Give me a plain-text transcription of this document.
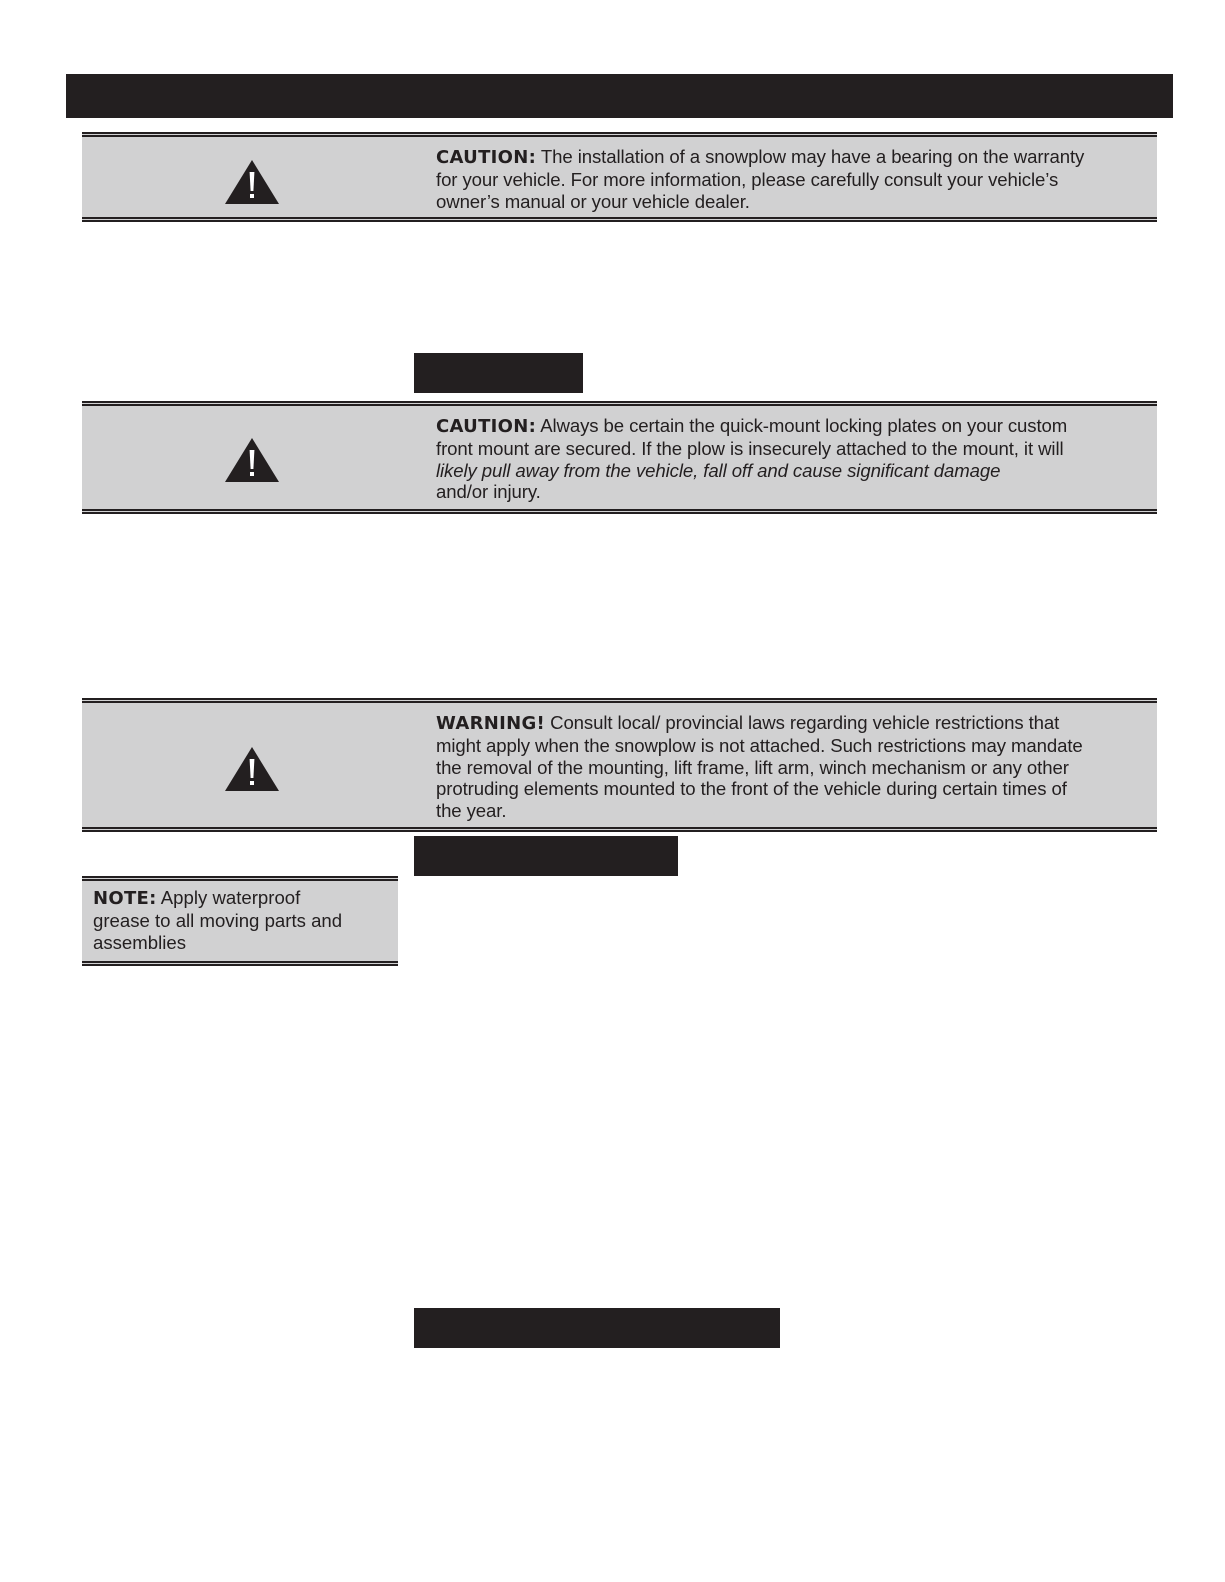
CAUTION: The installation of a snowplow may have a bearing on the warranty
for your vehicle. For more information, please carefully consult your vehicle’s
owner’s manual or your vehicle dealer.
CAUTION: Always be certain the quick-mount locking plates on your custom
front mount are secured. If the plow is insecurely attached to the mount, it will
likely pull away from the vehicle, fall off and cause significant damage
and/or injury.
WARNING! Consult local/ provincial laws regarding vehicle restrictions that
might apply when the snowplow is not attached. Such restrictions may mandate
the removal of the mounting, lift frame, lift arm, winch mechanism or any other
protruding elements mounted to the front of the vehicle during certain times of
the year.
NOTE: Apply waterproof
grease to all moving parts and
assemblies
